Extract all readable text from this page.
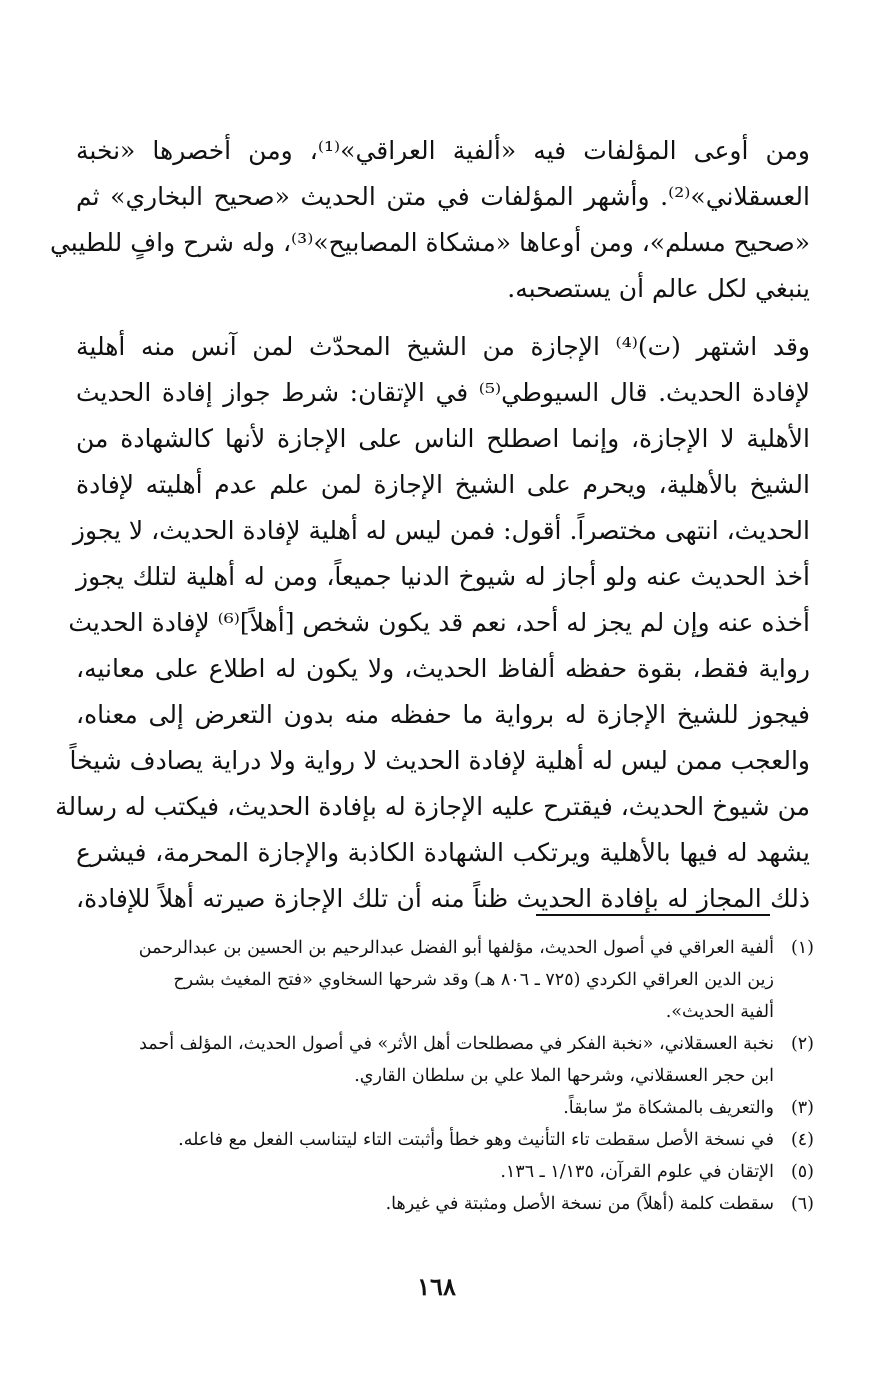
ومن أوعى المؤلفات فيه «ألفية العراقي»⁽¹⁾، ومن أخصرها «نخبة
العسقلاني»⁽²⁾. وأشهر المؤلفات في متن الحديث «صحيح البخاري» ثم
«صحيح مسلم»، ومن أوعاها «مشكاة المصابيح»⁽³⁾، وله شرح وافٍ للطيبي
ينبغي لكل عالم أن يستصحبه.
وقد اشتهر (ت)⁽⁴⁾ الإجازة من الشيخ المحدّث لمن آنس منه أهلية
لإفادة الحديث. قال السيوطي⁽⁵⁾ في الإتقان: شرط جواز إفادة الحديث
الأهلية لا الإجازة، وإنما اصطلح الناس على الإجازة لأنها كالشهادة من
الشيخ بالأهلية، ويحرم على الشيخ الإجازة لمن علم عدم أهليته لإفادة
الحديث، انتهى مختصراً. أقول: فمن ليس له أهلية لإفادة الحديث، لا يجوز
أخذ الحديث عنه ولو أجاز له شيوخ الدنيا جميعاً، ومن له أهلية لتلك يجوز
أخذه عنه وإن لم يجز له أحد، نعم قد يكون شخص [أهلاً]⁽⁶⁾ لإفادة الحديث
رواية فقط، بقوة حفظه ألفاظ الحديث، ولا يكون له اطلاع على معانيه،
فيجوز للشيخ الإجازة له برواية ما حفظه منه بدون التعرض إلى معناه،
والعجب ممن ليس له أهلية لإفادة الحديث لا رواية ولا دراية يصادف شيخاً
من شيوخ الحديث، فيقترح عليه الإجازة له بإفادة الحديث، فيكتب له رسالة
يشهد له فيها بالأهلية ويرتكب الشهادة الكاذبة والإجازة المحرمة، فيشرع
ذلك المجاز له بإفادة الحديث ظناً منه أن تلك الإجازة صيرته أهلاً للإفادة،
(١)
ألفية العراقي في أصول الحديث، مؤلفها أبو الفضل عبدالرحيم بن الحسين بن عبدالرحمن
زين الدين العراقي الكردي (٧٢٥ ـ ٨٠٦ هـ) وقد شرحها السخاوي «فتح المغيث بشرح
ألفية الحديث».
(٢)
نخبة العسقلاني، «نخبة الفكر في مصطلحات أهل الأثر» في أصول الحديث، المؤلف أحمد
ابن حجر العسقلاني، وشرحها الملا علي بن سلطان القاري.
(٣)
والتعريف بالمشكاة مرّ سابقاً.
(٤)
في نسخة الأصل سقطت تاء التأنيث وهو خطأ وأثبتت التاء ليتناسب الفعل مع فاعله.
(٥)
الإتقان في علوم القرآن، ١/١٣٥ ـ ١٣٦.
(٦)
سقطت كلمة (أهلاً) من نسخة الأصل ومثبتة في غيرها.
١٦٨
